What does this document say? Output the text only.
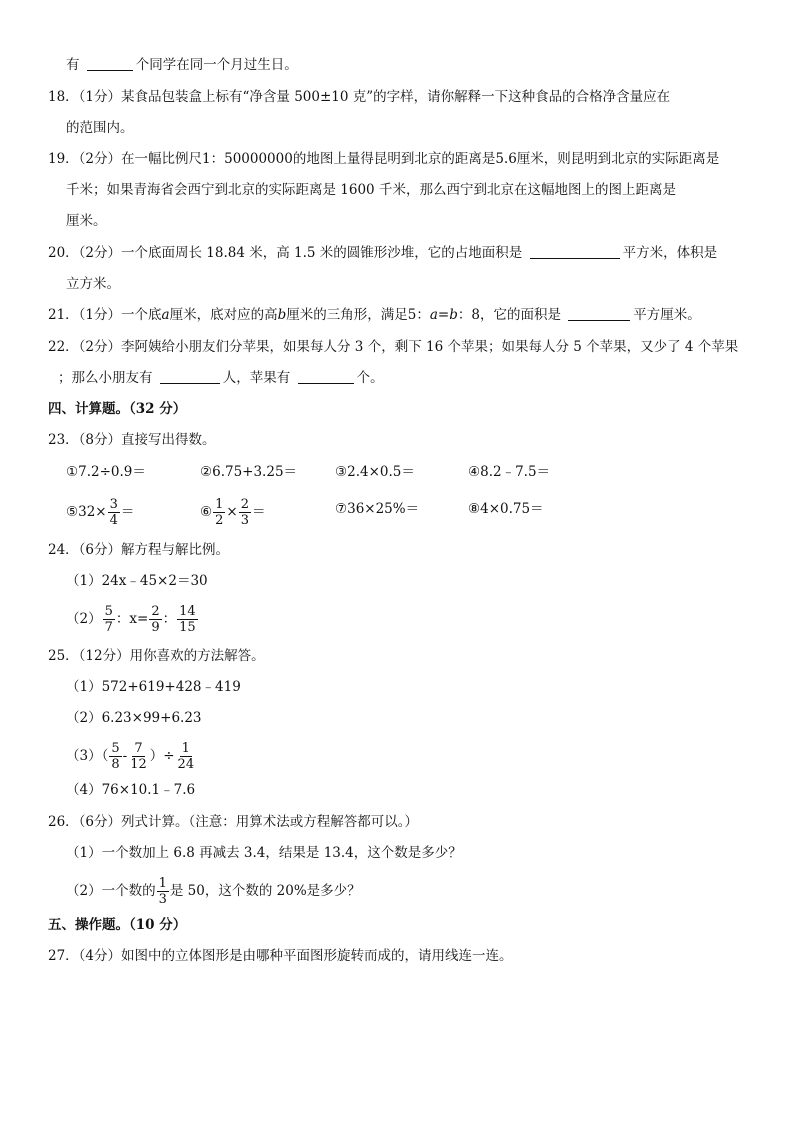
有	个同学在同一个月过生日。
18．（1分）某食品包装盒上标有“净含量 500±10 克”的字样，请你解释一下这种食品的合格净含量应在
的范围内。
19．（2分）在一幅比例尺1：50000000的地图上量得昆明到北京的距离是5.6厘米，则昆明到北京的实际距离是
千米；如果青海省会西宁到北京的实际距离是 1600 千米，那么西宁到北京在这幅地图上的图上距离是
厘米。
20．（2分）一个底面周长 18.84 米，高 1.5 米的圆锥形沙堆，它的占地面积是	平方米，体积是
立方米。
21．（1分）一个底a厘米，底对应的高b厘米的三角形，满足5：a=b：8，它的面积是	平方厘米。
22．（2分）李阿姨给小朋友们分苹果，如果每人分 3 个，剩下 16 个苹果；如果每人分 5 个苹果，又少了 4 个苹果
；那么小朋友有	人，苹果有	个。
四、计算题。（32 分）
23．（8分）直接写出得数。
①7.2÷0.9＝	②6.75+3.25＝	③2.4×0.5＝	④8.2﹣7.5＝
⑤32× $\frac{3}{4}$ ＝	⑥ $\frac{1}{2} \times \frac{2}{3}$ ＝	⑦36×25%＝	⑧4×0.75＝
24．（6分）解方程与解比例。
（1）24x﹣45×2＝30
$(2) \frac{5}{7}$ ：$x= \frac{2}{9}$ ： $\frac{14}{15}$
25．（12分）用你喜欢的方法解答。
（1）572+619+428﹣419
（2）6.23×99+6.23
$(3)( \frac{5}{8} - \frac{7}{12}$ ）÷ $\frac{1}{24}$
（4）76×10.1﹣7.6
26．（6分）列式计算。（注意：用算术法或方程解答都可以。）
（1）一个数加上 6.8 再减去 3.4，结果是 13.4，这个数是多少？
（2）一个数的 $\frac{1}{3}$ 是 50，这个数的 20%是多少？
五、操作题。（10 分）
27．（4分）如图中的立体图形是由哪种平面图形旋转而成的，请用线连一连。
